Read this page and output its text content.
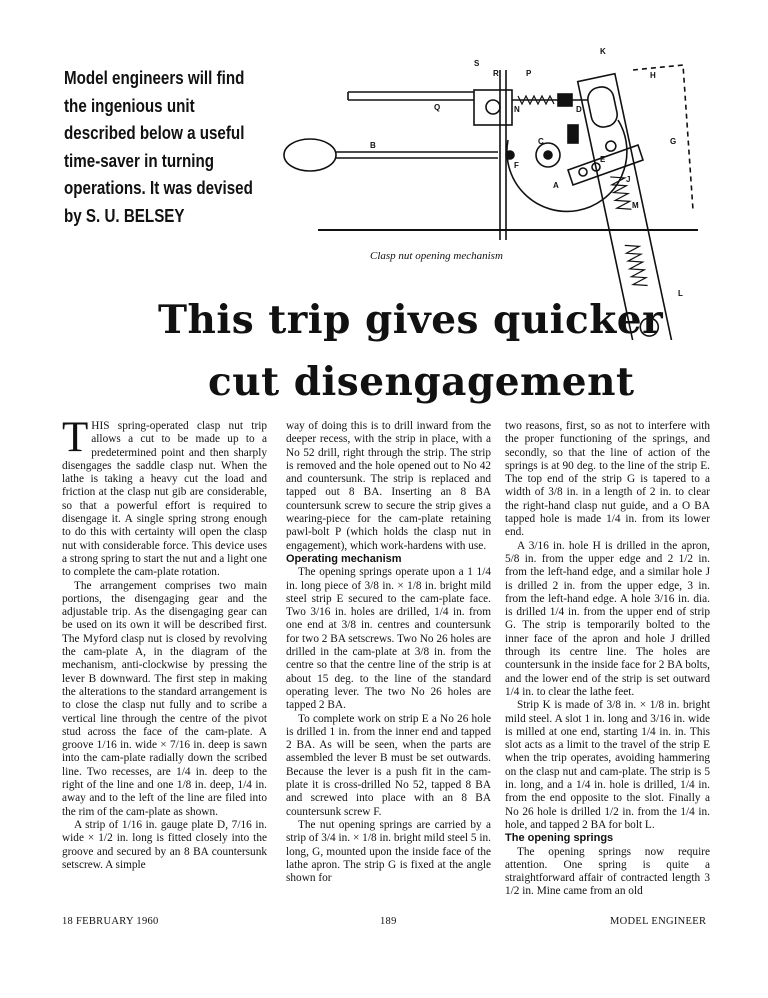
Model engineers will find
the ingenious unit
described below a useful
time-saver in turning
operations. It was devised
by S. U. BELSEY
S
R	P
K
H
Q	N	D
B
F
A
C
E
G
J
M
L
Clasp nut opening mechanism
This trip gives quicker
cut disengagement

THIS spring-operated clasp nut trip allows a cut to be made up to a predetermined point and then sharply disengages the saddle clasp nut. When the lathe is taking a heavy cut the load and friction at the clasp nut gib are considerable, so that a powerful effort is required to disengage it. A single spring strong enough to do this with certainty will open the clasp nut with considerable force. This device uses a strong spring to start the nut and a light one to complete the cam-plate rotation.

The arrangement comprises two main portions, the disengaging gear and the adjustable trip. As the disengaging gear can be used on its own it will be described first. The Myford clasp nut is closed by revolving the cam-plate A, in the diagram of the mechanism, anti-clockwise by pressing the lever B downward. The first step in making the alterations to the standard arrangement is to close the clasp nut fully and to scribe a vertical line through the centre of the pivot stud across the face of the cam-plate. A groove 1/16 in. wide × 7/16 in. deep is sawn into the cam-plate radially down the scribed line. Two recesses, are 1/4 in. deep to the right of the line and one 1/8 in. deep, 1/4 in. away and to the left of the line are filed into the rim of the cam-plate as shown.

A strip of 1/16 in. gauge plate D, 7/16 in. wide × 1/2 in. long is fitted closely into the groove and secured by an 8 BA countersunk setscrew. A simple

way of doing this is to drill inward from the deeper recess, with the strip in place, with a No 52 drill, right through the strip. The strip is removed and the hole opened out to No 42 and countersunk. The strip is replaced and tapped out 8 BA. Inserting an 8 BA countersunk screw to secure the strip gives a wearing-piece for the cam-plate retaining pawl-bolt P (which holds the clasp nut in engagement), which work-hardens with use.

Operating mechanism

The opening springs operate upon a 1 1/4 in. long piece of 3/8 in. × 1/8 in. bright mild steel strip E secured to the cam-plate face. Two 3/16 in. holes are drilled, 1/4 in. from one end at 3/8 in. centres and countersunk for two 2 BA setscrews. Two No 26 holes are drilled in the cam-plate at 3/8 in. from the centre so that the centre line of the strip is at about 15 deg. to the line of the standard operating lever. The two No 26 holes are tapped 2 BA.

To complete work on strip E a No 26 hole is drilled 1 in. from the inner end and tapped 2 BA. As will be seen, when the parts are assembled the lever B must be set outwards. Because the lever is a push fit in the cam-plate it is cross-drilled No 52, tapped 8 BA and screwed into place with an 8 BA countersunk screw F.

The nut opening springs are carried by a strip of 3/4 in. × 1/8 in. bright mild steel 5 in. long, G, mounted upon the inside face of the lathe apron. The strip G is fixed at the angle shown for

two reasons, first, so as not to interfere with the proper functioning of the springs, and secondly, so that the line of action of the springs is at 90 deg. to the line of the strip E. The top end of the strip G is tapered to a width of 3/8 in. in a length of 2 in. to clear the right-hand clasp nut guide, and a O BA tapped hole is made 1/4 in. from its lower end.

A 3/16 in. hole H is drilled in the apron, 5/8 in. from the upper edge and 2 1/2 in. from the left-hand edge, and a similar hole J is drilled 2 in. from the upper edge, 3 in. from the left-hand edge. A hole 3/16 in. dia. is drilled 1/4 in. from the upper end of strip G. The strip is temporarily bolted to the inner face of the apron and hole J drilled through its centre line. The holes are countersunk in the inside face for 2 BA bolts, and the lower end of the strip is set outward 1/4 in. to clear the lathe feet.

Strip K is made of 3/8 in. × 1/8 in. bright mild steel. A slot 1 in. long and 3/16 in. wide is milled at one end, starting 1/4 in. in. This slot acts as a limit to the travel of the strip E when the trip operates, avoiding hammering on the clasp nut and cam-plate. The strip is 5 in. long, and a 1/4 in. hole is drilled, 1/4 in. from the end opposite to the slot. Finally a No 26 hole is drilled 1/2 in. from the 1/4 in. hole, and tapped 2 BA for bolt L.

The opening springs

The opening springs now require attention. One spring is quite a straightforward affair of contracted length 3 1/2 in. Mine came from an old

18 FEBRUARY 1960	189	MODEL ENGINEER
